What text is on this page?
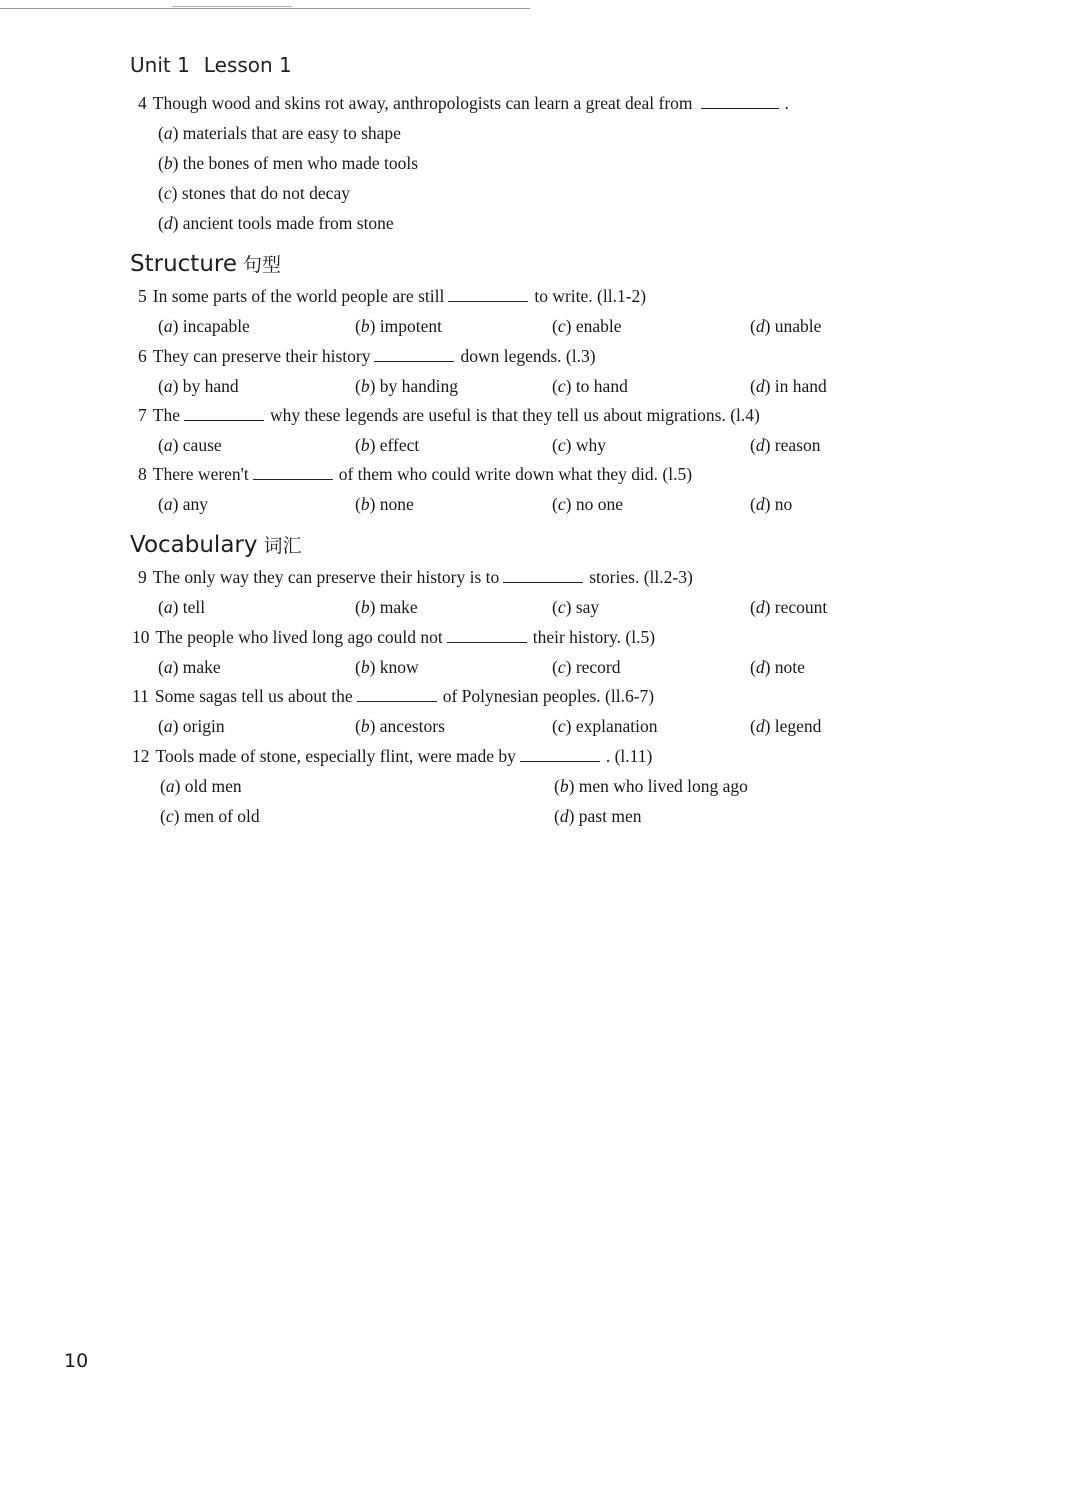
Unit 1 Lesson 1
4 Though wood and skins rot away, anthropologists can learn a great deal from	.
(a) materials that are easy to shape
(b) the bones of men who made tools
(c) stones that do not decay
(d) ancient tools made from stone
Structure 句型
5 In some parts of the world people are still	to write. (ll.1-2)
(a) incapable	(b) impotent	(c) enable	(d) unable
6 They can preserve their history	down legends. (l.3)
(a) by hand	(b) by handing	(c) to hand	(d) in hand
7 The	why these legends are useful is that they tell us about migrations. (l.4)
(a) cause	(b) effect	(c) why	(d) reason
8 There weren't	of them who could write down what they did. (l.5)
(a) any	(b) none	(c) no one	(d) no
Vocabulary 词汇
9 The only way they can preserve their history is to	stories. (ll.2-3)
(a) tell	(b) make	(c) say	(d) recount
10 The people who lived long ago could not	their history. (l.5)
(a) make	(b) know	(c) record	(d) note
11 Some sagas tell us about the	of Polynesian peoples. (ll.6-7)
(a) origin	(b) ancestors	(c) explanation	(d) legend
12 Tools made of stone, especially flint, were made by	. (l.11)
(a) old men	(b) men who lived long ago
(c) men of old	(d) past men
10
